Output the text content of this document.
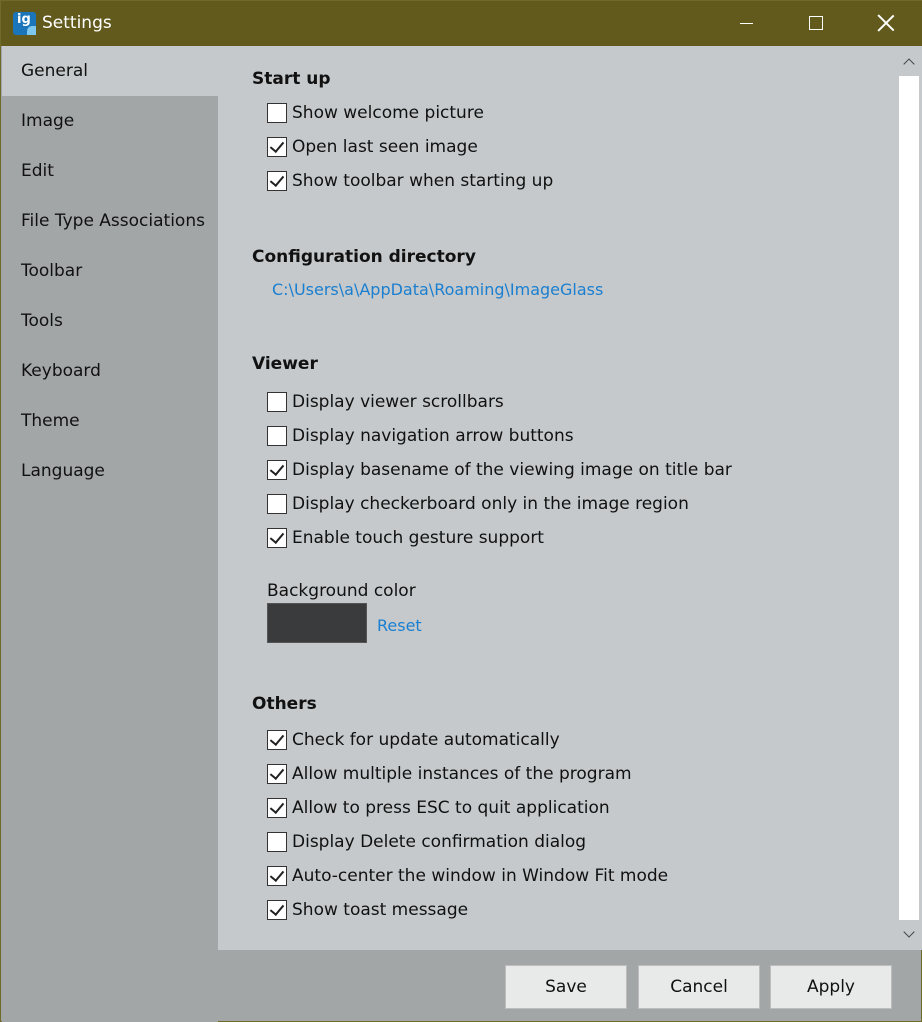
ig
Settings
General
Image
Edit
File Type Associations
Toolbar
Tools
Keyboard
Theme
Language
Start up
Show welcome picture
Open last seen image
Show toolbar when starting up
Configuration directory
C:\Users\a\AppData\Roaming\ImageGlass
Viewer
Display viewer scrollbars
Display navigation arrow buttons
Display basename of the viewing image on title bar
Display checkerboard only in the image region
Enable touch gesture support
Background color
Reset
Others
Check for update automatically
Allow multiple instances of the program
Allow to press ESC to quit application
Display Delete confirmation dialog
Auto-center the window in Window Fit mode
Show toast message
Save	Cancel	Apply
